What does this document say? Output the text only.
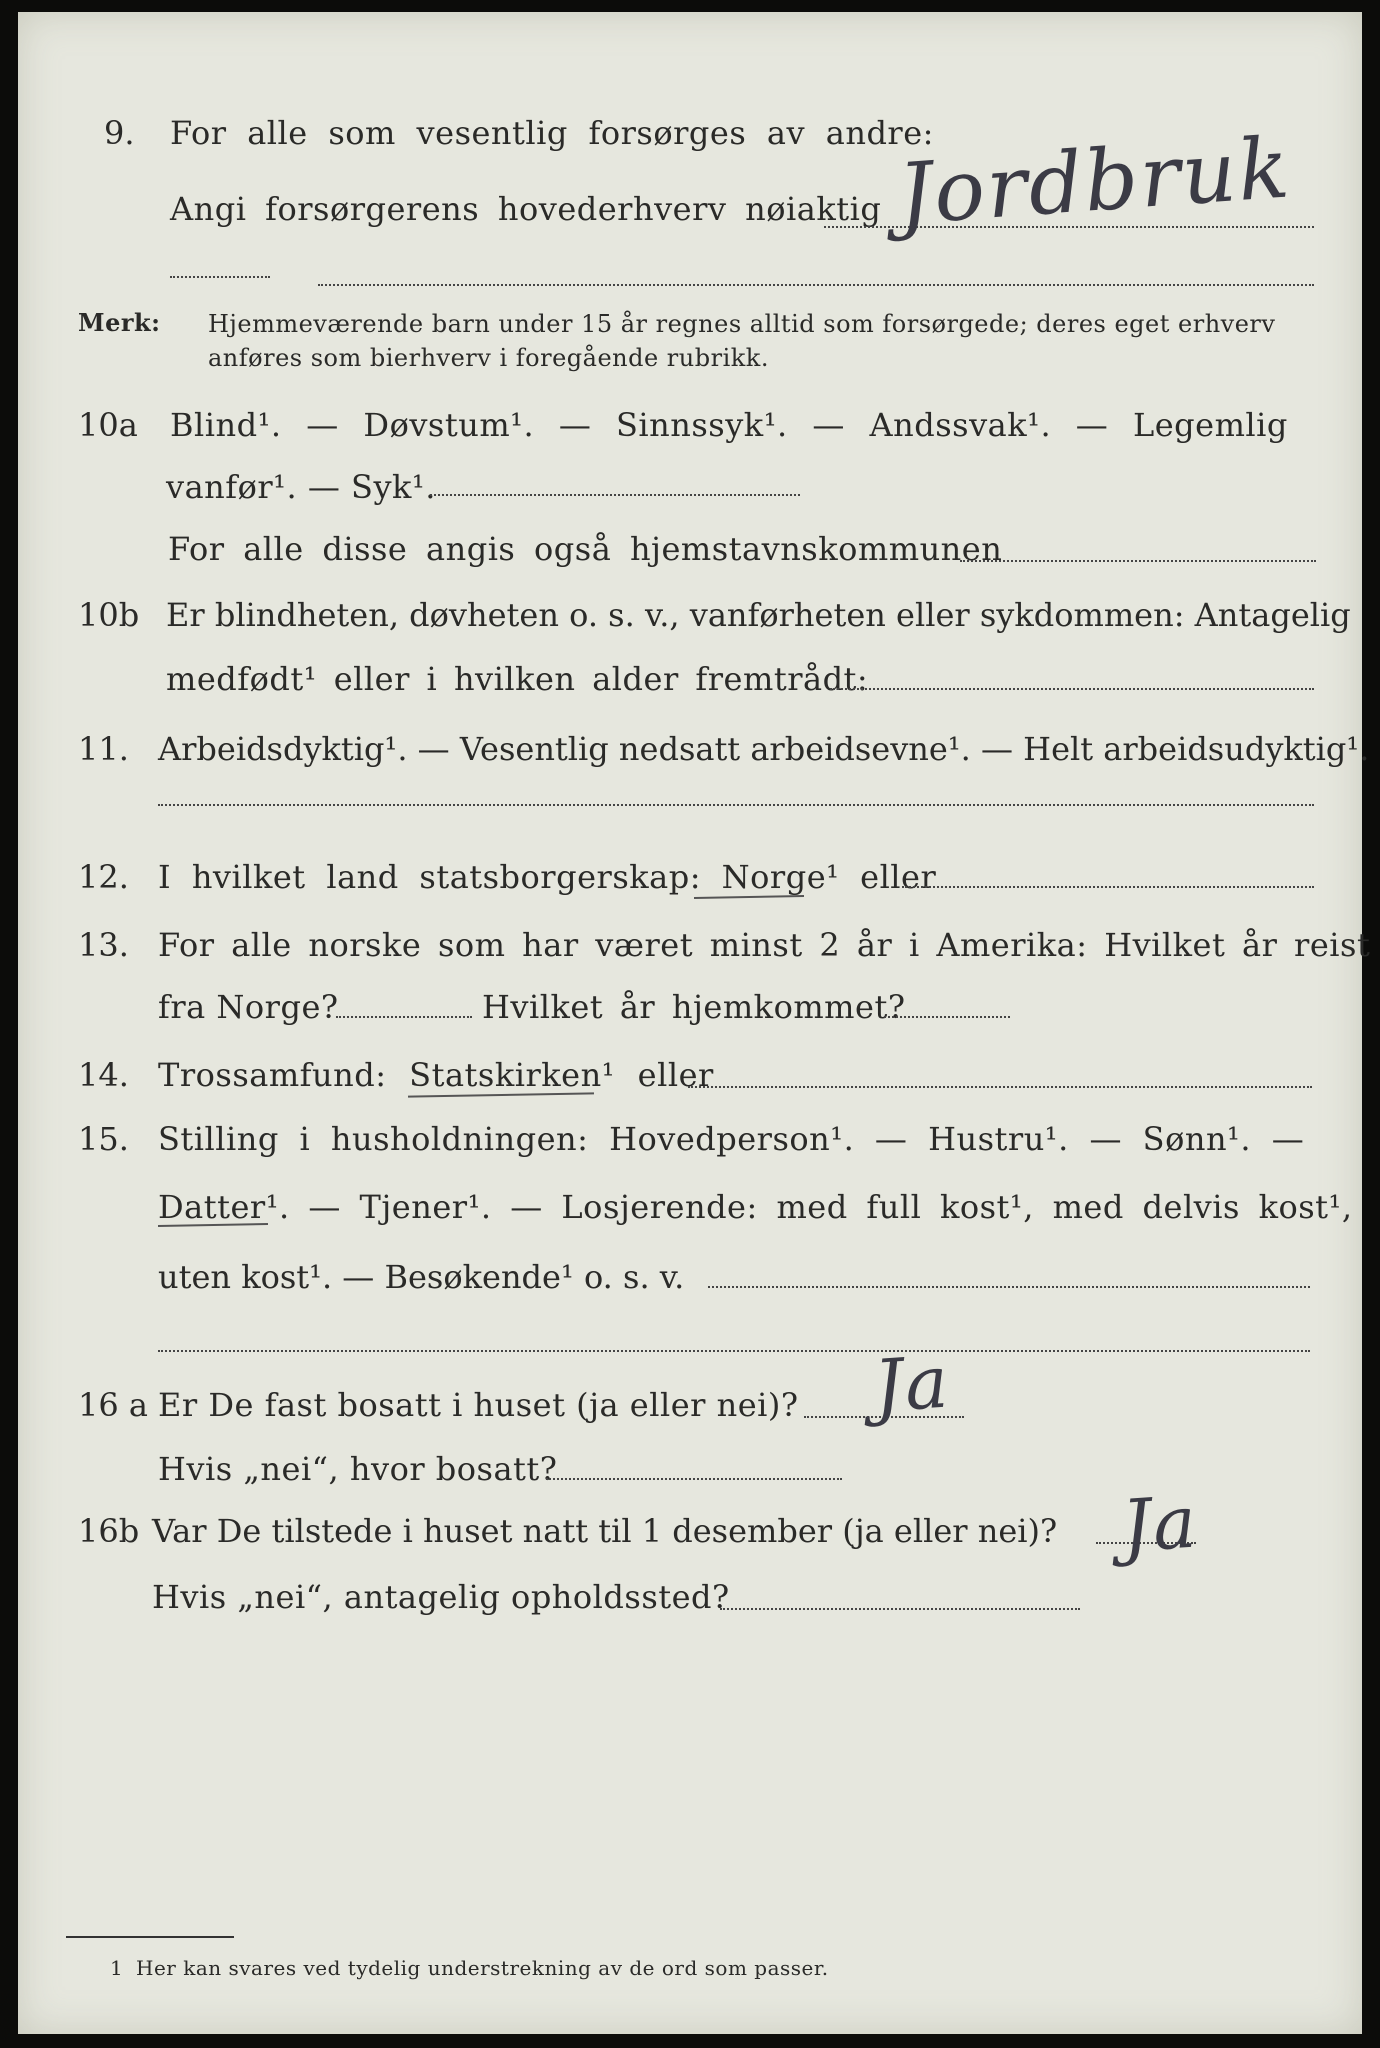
9. For alle som vesentlig forsørges av andre:
Angi forsørgerens hovederhverv nøiaktig Jordbruk
Merk: Hjemmeværende barn under 15 år regnes alltid som forsørgede; deres eget erhverv
anføres som bierhverv i foregående rubrikk.
10a Blind¹. — Døvstum¹. — Sinnssyk¹. — Andssvak¹. — Legemlig
vanfør¹. — Syk¹.
For alle disse angis også hjemstavnskommunen
10b Er blindheten, døvheten o. s. v., vanførheten eller sykdommen: Antagelig
medfødt¹ eller i hvilken alder fremtrådt:
11. Arbeidsdyktig¹. — Vesentlig nedsatt arbeidsevne¹. — Helt arbeidsudyktig¹.
12. I hvilket land statsborgerskap: Norge¹ eller
13. For alle norske som har været minst 2 år i Amerika: Hvilket år reist
fra Norge?	Hvilket år hjemkommet?
14. Trossamfund: Statskirken¹ eller
15. Stilling i husholdningen: Hovedperson¹. — Hustru¹. — Sønn¹. —
Datter¹. — Tjener¹. — Losjerende: med full kost¹, med delvis kost¹,
uten kost¹. — Besøkende¹ o. s. v.
16 a Er De fast bosatt i huset (ja eller nei)? Ja
Hvis „nei“, hvor bosatt?
16b Var De tilstede i huset natt til 1 desember (ja eller nei)? Ja
Hvis „nei“, antagelig opholdssted?
1 Her kan svares ved tydelig understrekning av de ord som passer.
